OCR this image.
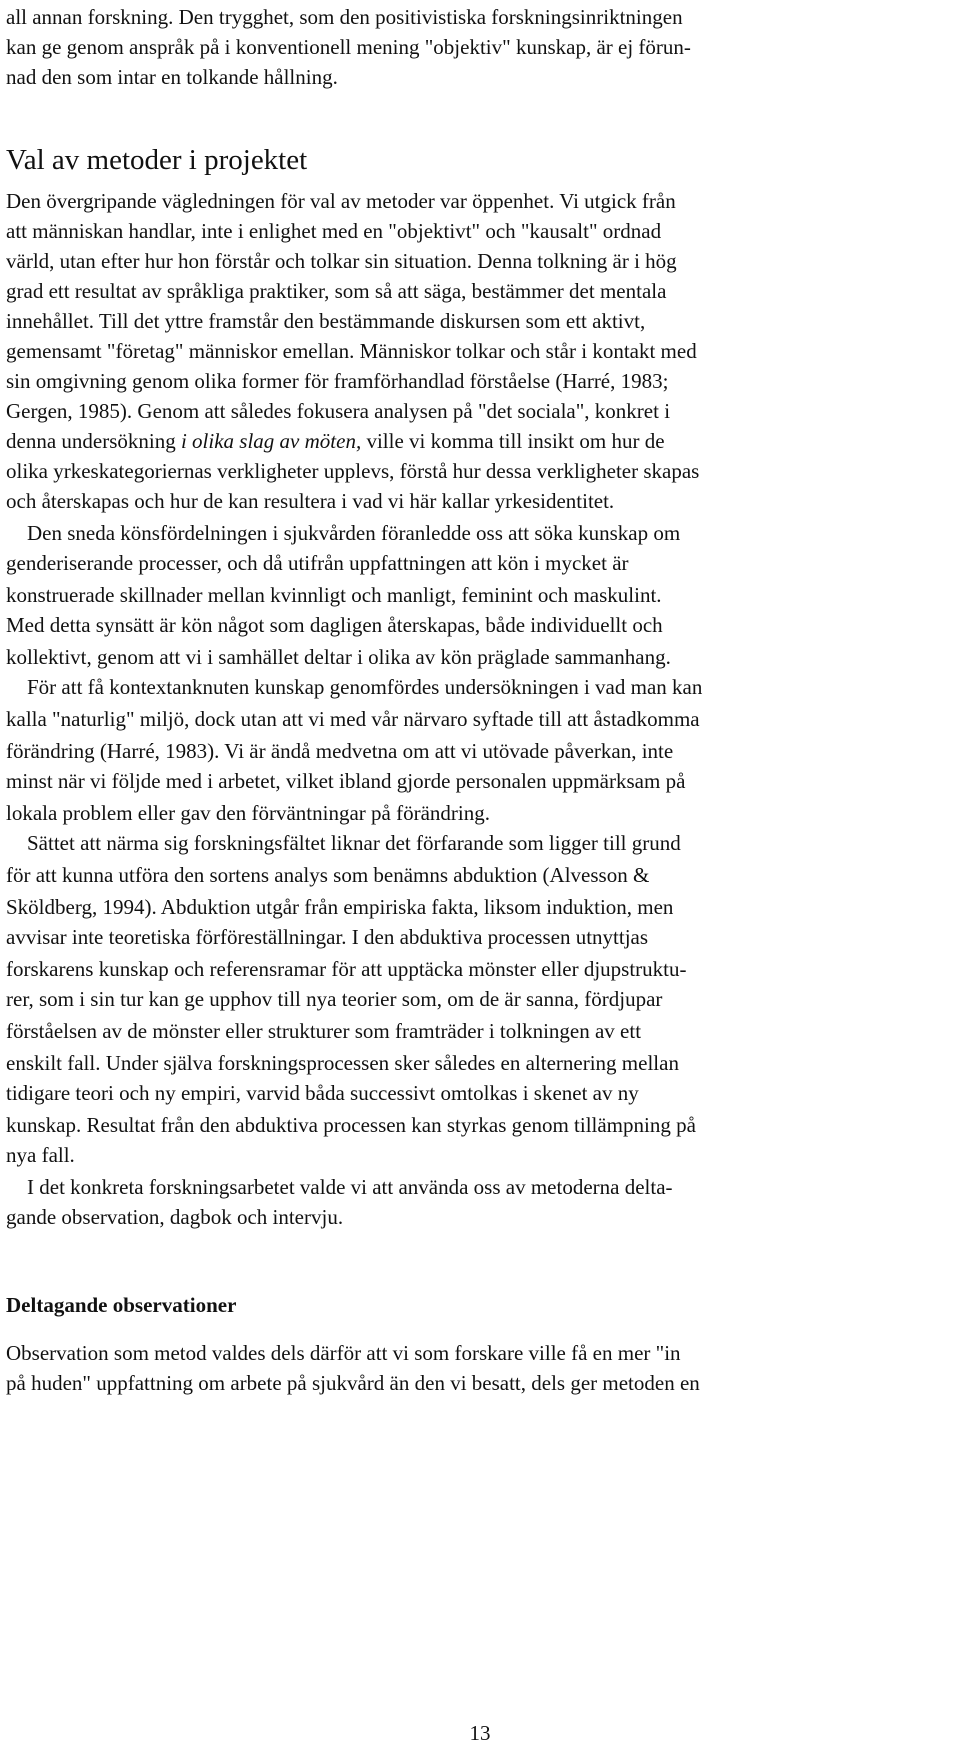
all annan forskning. Den trygghet, som den positivistiska forskningsinriktningen
kan ge genom anspråk på i konventionell mening "objektiv" kunskap, är ej förun-
nad den som intar en tolkande hållning.
Val av metoder i projektet
Den övergripande vägledningen för val av metoder var öppenhet. Vi utgick från
att människan handlar, inte i enlighet med en "objektivt" och "kausalt" ordnad
värld, utan efter hur hon förstår och tolkar sin situation. Denna tolkning är i hög
grad ett resultat av språkliga praktiker, som så att säga, bestämmer det mentala
innehållet. Till det yttre framstår den bestämmande diskursen som ett aktivt,
gemensamt "företag" människor emellan. Människor tolkar och står i kontakt med
sin omgivning genom olika former för framförhandlad förståelse (Harré, 1983;
Gergen, 1985). Genom att således fokusera analysen på "det sociala", konkret i
denna undersökning i olika slag av möten, ville vi komma till insikt om hur de
olika yrkeskategoriernas verkligheter upplevs, förstå hur dessa verkligheter skapas
och återskapas och hur de kan resultera i vad vi här kallar yrkesidentitet.
Den sneda könsfördelningen i sjukvården föranledde oss att söka kunskap om
genderiserande processer, och då utifrån uppfattningen att kön i mycket är
konstruerade skillnader mellan kvinnligt och manligt, feminint och maskulint.
Med detta synsätt är kön något som dagligen återskapas, både individuellt och
kollektivt, genom att vi i samhället deltar i olika av kön präglade sammanhang.
För att få kontextanknuten kunskap genomfördes undersökningen i vad man kan
kalla "naturlig" miljö, dock utan att vi med vår närvaro syftade till att åstadkomma
förändring (Harré, 1983). Vi är ändå medvetna om att vi utövade påverkan, inte
minst när vi följde med i arbetet, vilket ibland gjorde personalen uppmärksam på
lokala problem eller gav den förväntningar på förändring.
Sättet att närma sig forskningsfältet liknar det förfarande som ligger till grund
för att kunna utföra den sortens analys som benämns abduktion (Alvesson &
Sköldberg, 1994). Abduktion utgår från empiriska fakta, liksom induktion, men
avvisar inte teoretiska förföreställningar. I den abduktiva processen utnyttjas
forskarens kunskap och referensramar för att upptäcka mönster eller djupstruktu-
rer, som i sin tur kan ge upphov till nya teorier som, om de är sanna, fördjupar
förståelsen av de mönster eller strukturer som framträder i tolkningen av ett
enskilt fall. Under själva forskningsprocessen sker således en alternering mellan
tidigare teori och ny empiri, varvid båda successivt omtolkas i skenet av ny
kunskap. Resultat från den abduktiva processen kan styrkas genom tillämpning på
nya fall.
I det konkreta forskningsarbetet valde vi att använda oss av metoderna delta-
gande observation, dagbok och intervju.
Deltagande observationer
Observation som metod valdes dels därför att vi som forskare ville få en mer "in
på huden" uppfattning om arbete på sjukvård än den vi besatt, dels ger metoden en
13
